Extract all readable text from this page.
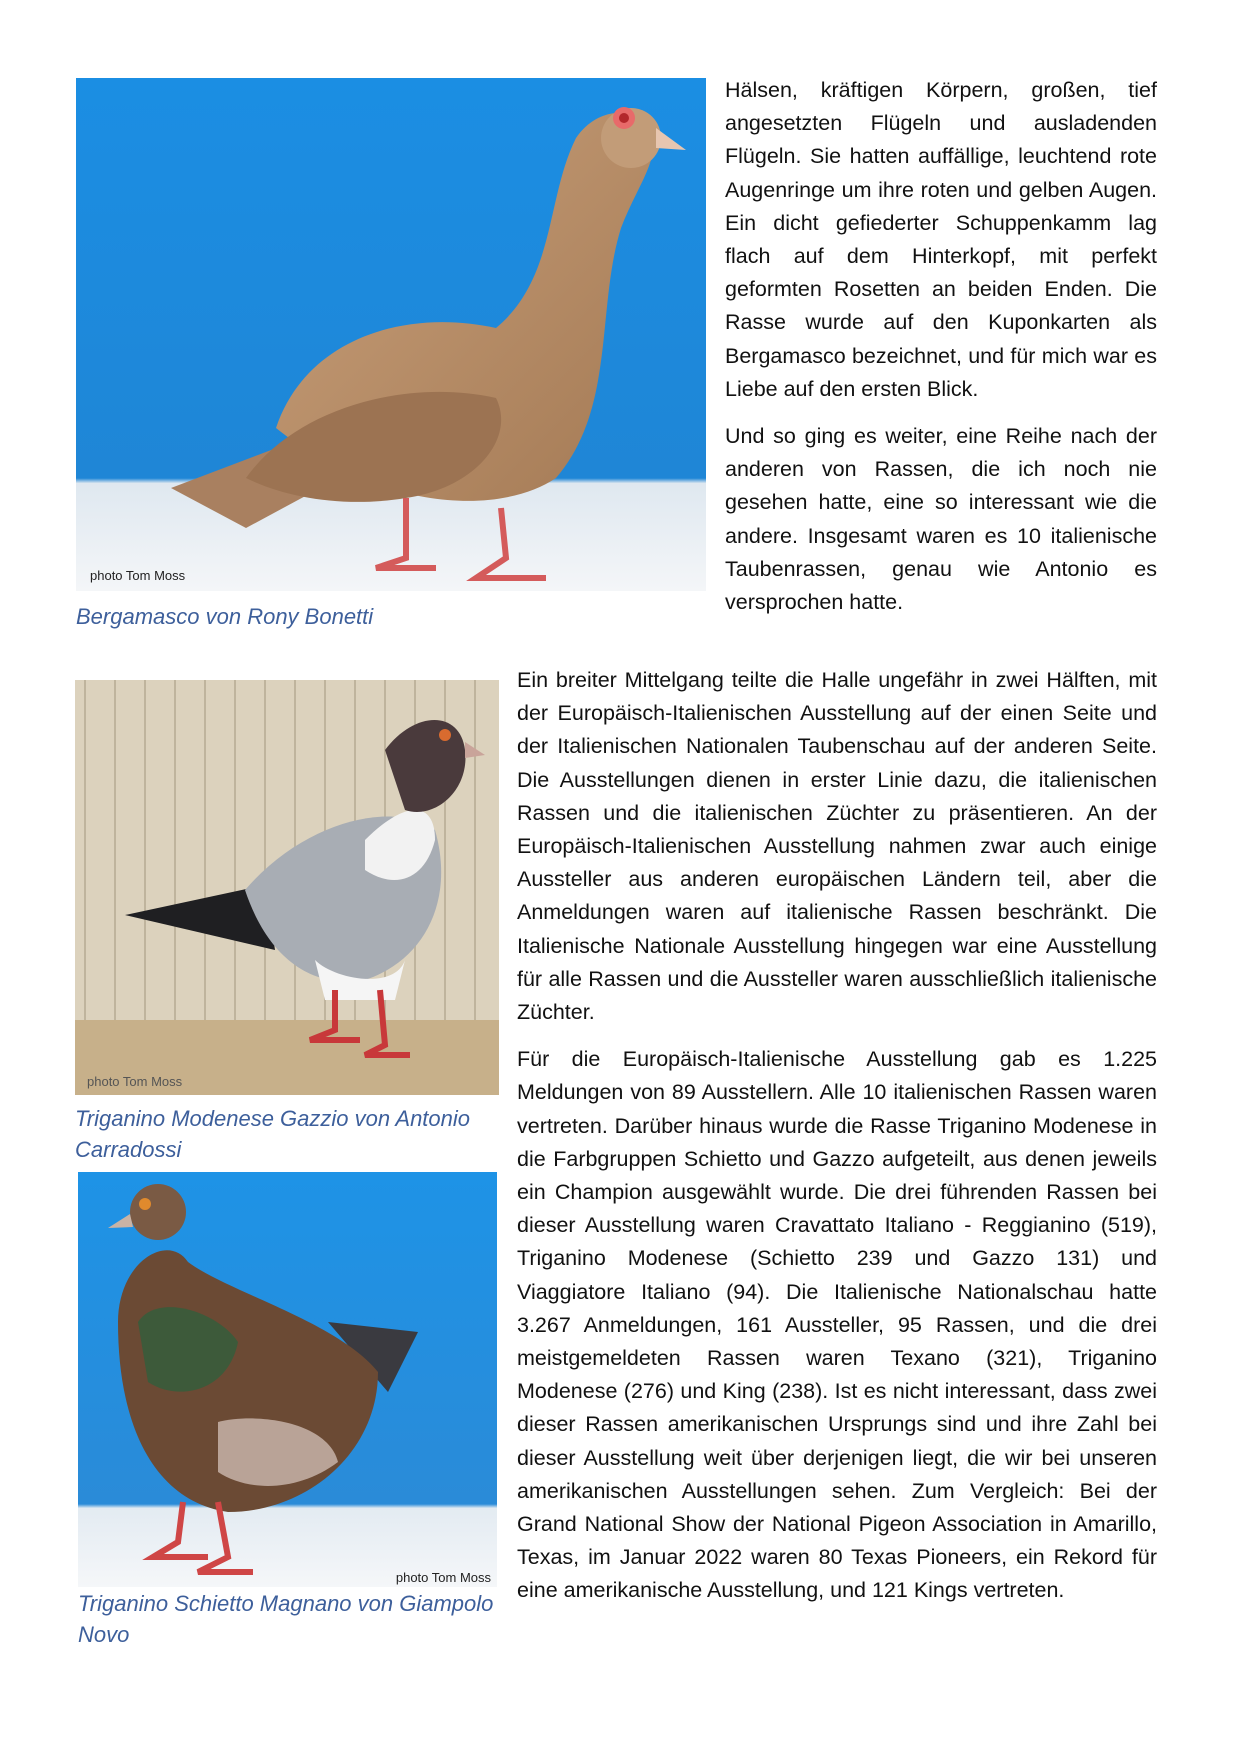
photo Tom Moss
Bergamasco von Rony Bonetti
photo Tom Moss
Triganino Modenese Gazzio von Antonio Carradossi
photo Tom Moss
Triganino Schietto Magnano von Giampolo Novo

Hälsen, kräftigen Körpern, großen, tief angesetzten Flügeln und ausladenden Flügeln. Sie hatten auffällige, leuchtend rote Augenringe um ihre roten und gelben Augen. Ein dicht gefiederter Schuppenkamm lag flach auf dem Hinterkopf, mit perfekt geformten Rosetten an beiden Enden. Die Rasse wurde auf den Kuponkarten als Bergamasco bezeichnet, und für mich war es Liebe auf den ersten Blick.

Und so ging es weiter, eine Reihe nach der anderen von Rassen, die ich noch nie gesehen hatte, eine so interessant wie die andere. Insgesamt waren es 10 italienische Taubenrassen, genau wie Antonio es versprochen hatte.

Ein breiter Mittelgang teilte die Halle ungefähr in zwei Hälften, mit der Europäisch-Italienischen Ausstellung auf der einen Seite und der Italienischen Nationalen Taubenschau auf der anderen Seite. Die Ausstellungen dienen in erster Linie dazu, die italienischen Rassen und die italienischen Züchter zu präsentieren. An der Europäisch-Italienischen Ausstellung nahmen zwar auch einige Aussteller aus anderen europäischen Ländern teil, aber die Anmeldungen waren auf italienische Rassen beschränkt. Die Italienische Nationale Ausstellung hingegen war eine Ausstellung für alle Rassen und die Aussteller waren ausschließlich italienische Züchter.

Für die Europäisch-Italienische Ausstellung gab es 1.225 Meldungen von 89 Ausstellern. Alle 10 italienischen Rassen waren vertreten. Darüber hinaus wurde die Rasse Triganino Modenese in die Farbgruppen Schietto und Gazzo aufgeteilt, aus denen jeweils ein Champion ausgewählt wurde. Die drei führenden Rassen bei dieser Ausstellung waren Cravattato Italiano - Reggianino (519), Triganino Modenese (Schietto 239 und Gazzo 131) und Viaggiatore Italiano (94). Die Italienische Nationalschau hatte 3.267 Anmeldungen, 161 Aussteller, 95 Rassen, und die drei meistgemeldeten Rassen waren Texano (321), Triganino Modenese (276) und King (238). Ist es nicht interessant, dass zwei dieser Rassen amerikanischen Ursprungs sind und ihre Zahl bei dieser Ausstellung weit über derjenigen liegt, die wir bei unseren amerikanischen Ausstellungen sehen. Zum Vergleich: Bei der Grand National Show der National Pigeon Association in Amarillo, Texas, im Januar 2022 waren 80 Texas Pioneers, ein Rekord für eine amerikanische Ausstellung, und 121 Kings vertreten.
